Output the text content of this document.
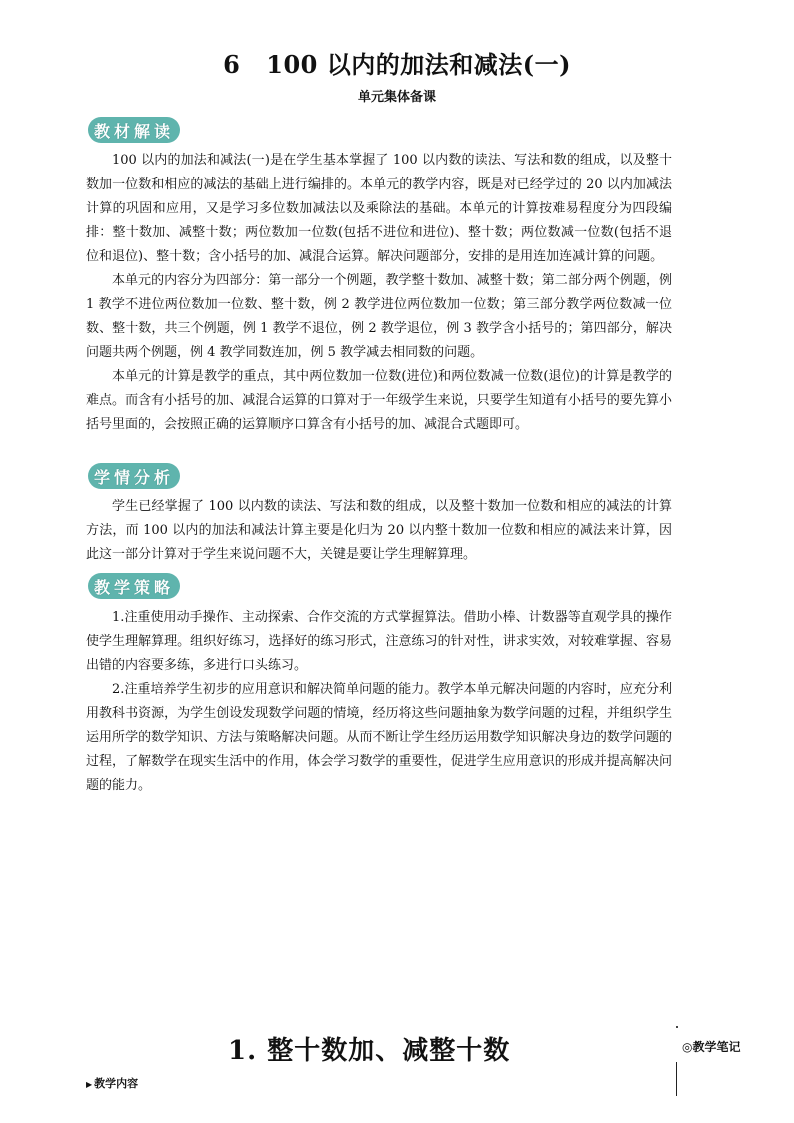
6 100 以内的加法和减法(一)
单元集体备课
教材解读

100 以内的加法和减法(一)是在学生基本掌握了 100 以内数的读法、写法和数的组成，以及整十数加一位数和相应的减法的基础上进行编排的。本单元的教学内容，既是对已经学过的 20 以内加减法计算的巩固和应用，又是学习多位数加减法以及乘除法的基础。本单元的计算按难易程度分为四段编排：整十数加、减整十数；两位数加一位数(包括不进位和进位)、整十数；两位数减一位数(包括不退位和退位)、整十数；含小括号的加、减混合运算。解决问题部分，安排的是用连加连减计算的问题。

本单元的内容分为四部分：第一部分一个例题，教学整十数加、减整十数；第二部分两个例题，例 1 教学不进位两位数加一位数、整十数，例 2 教学进位两位数加一位数；第三部分教学两位数减一位数、整十数，共三个例题，例 1 教学不退位，例 2 教学退位，例 3 教学含小括号的；第四部分，解决问题共两个例题，例 4 教学同数连加，例 5 教学减去相同数的问题。

本单元的计算是教学的重点，其中两位数加一位数(进位)和两位数减一位数(退位)的计算是教学的难点。而含有小括号的加、减混合运算的口算对于一年级学生来说，只要学生知道有小括号的要先算小括号里面的，会按照正确的运算顺序口算含有小括号的加、减混合式题即可。

学情分析

学生已经掌握了 100 以内数的读法、写法和数的组成，以及整十数加一位数和相应的减法的计算方法，而 100 以内的加法和减法计算主要是化归为 20 以内整十数加一位数和相应的减法来计算，因此这一部分计算对于学生来说问题不大，关键是要让学生理解算理。

教学策略

1.注重使用动手操作、主动探索、合作交流的方式掌握算法。借助小棒、计数器等直观学具的操作使学生理解算理。组织好练习，选择好的练习形式，注意练习的针对性，讲求实效，对较难掌握、容易出错的内容要多练，多进行口头练习。

2.注重培养学生初步的应用意识和解决简单问题的能力。教学本单元解决问题的内容时，应充分利用教科书资源，为学生创设发现数学问题的情境，经历将这些问题抽象为数学问题的过程，并组织学生运用所学的数学知识、方法与策略解决问题。从而不断让学生经历运用数学知识解决身边的数学问题的过程，了解数学在现实生活中的作用，体会学习数学的重要性，促进学生应用意识的形成并提高解决问题的能力。

1. 整十数加、减整十数	◎教学笔记
▶ 教学内容
